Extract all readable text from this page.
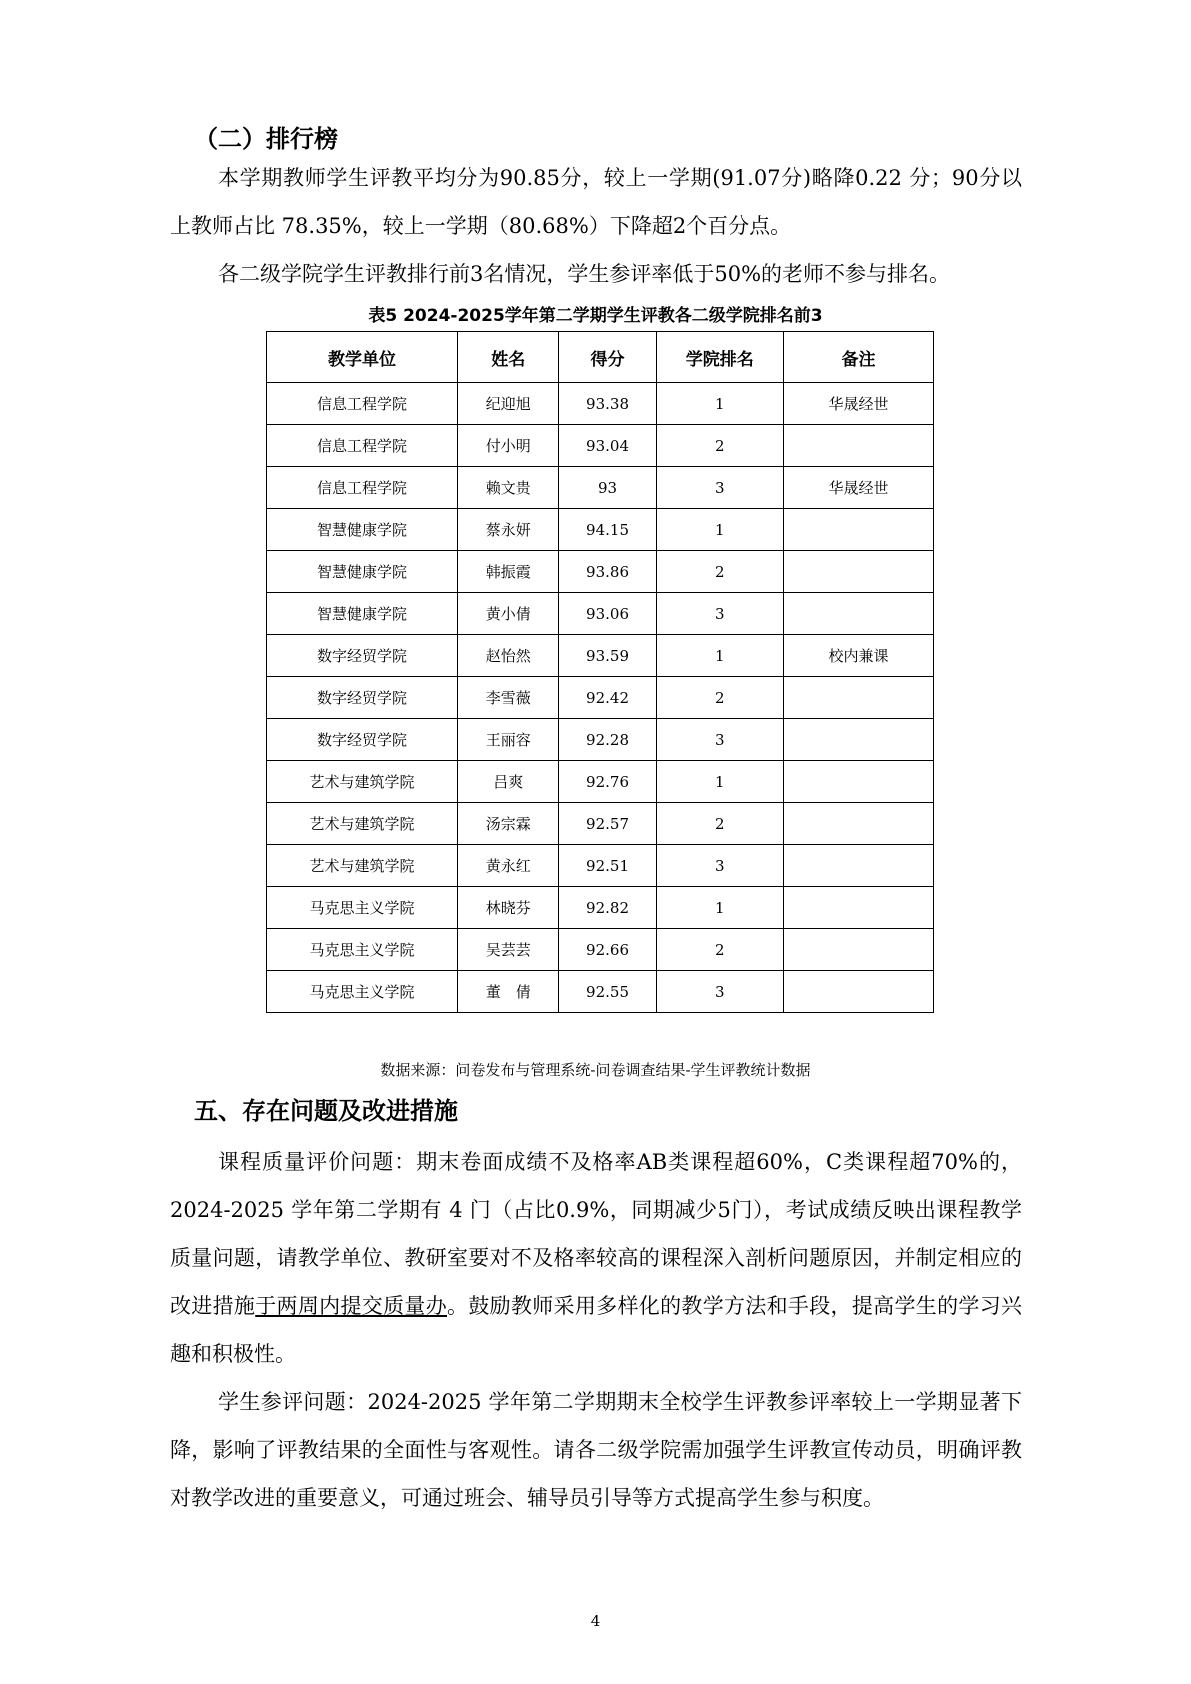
（二）排行榜

本学期教师学生评教平均分为90.85分，较上一学期(91.07分)略降0.22 分；90分以上教师占比 78.35%，较上一学期（80.68%）下降超2个百分点。

各二级学院学生评教排行前3名情况，学生参评率低于50%的老师不参与排名。

表5 2024-2025学年第二学期学生评教各二级学院排名前3

教学单位	姓名	得分	学院排名	备注
信息工程学院	纪迎旭	93.38	1	华晟经世
信息工程学院	付小明	93.04	2	
信息工程学院	赖文贵	93	3	华晟经世
智慧健康学院	蔡永妍	94.15	1	
智慧健康学院	韩振霞	93.86	2	
智慧健康学院	黄小倩	93.06	3	
数字经贸学院	赵怡然	93.59	1	校内兼课
数字经贸学院	李雪薇	92.42	2	
数字经贸学院	王丽容	92.28	3	
艺术与建筑学院	吕爽	92.76	1	
艺术与建筑学院	汤宗霖	92.57	2	
艺术与建筑学院	黄永红	92.51	3	
马克思主义学院	林晓芬	92.82	1	
马克思主义学院	吴芸芸	92.66	2	
马克思主义学院	董　倩	92.55	3	

数据来源：问卷发布与管理系统-问卷调查结果-学生评教统计数据

五、存在问题及改进措施

课程质量评价问题：期末卷面成绩不及格率AB类课程超60%，C类课程超70%的，2024-2025 学年第二学期有 4 门（占比0.9%，同期减少5门），考试成绩反映出课程教学质量问题，请教学单位、教研室要对不及格率较高的课程深入剖析问题原因，并制定相应的改进措施于两周内提交质量办。鼓励教师采用多样化的教学方法和手段，提高学生的学习兴趣和积极性。

学生参评问题：2024-2025 学年第二学期期末全校学生评教参评率较上一学期显著下降，影响了评教结果的全面性与客观性。请各二级学院需加强学生评教宣传动员，明确评教对教学改进的重要意义，可通过班会、辅导员引导等方式提高学生参与积度。

4
